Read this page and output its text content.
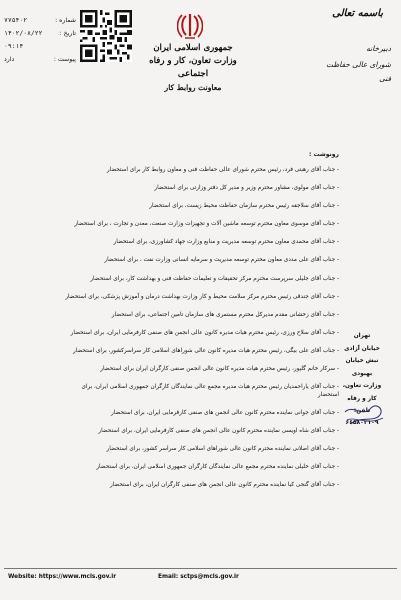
شماره :
۷۷۵۴۰۲
تاریخ :
۱۴۰۲/۰۸/۲۲
۰۹:۱۴
پیوست :
دارد
جمهوری اسلامی ایران
وزارت تعاون، کار و رفاه اجتماعی
معاونت روابط کار
باسمه تعالی
دبیرخانه
شورای عالی حفاظت فنی
رونوشت :
- جناب آقای رهبتی فرد، رئیس محترم شورای عالی حفاظت فنی و معاون روابط کار برای استحضار
- جناب آقای مولوی، مشاور محترم وزیر و مدیر کل دفتر وزارتی برای استحضار
- جناب آقای سلاجقه رئیس محترم سازمان حفاظت محیط زیست، برای استحضار
- جناب آقای موسوی معاون محترم توسعه ماشین آلات و تجهیزات وزارت صنعت، معدن و تجارت ، برای استحضار
- جناب آقای محمدی معاون محترم توسعه مدیریت و منابع وزارت جهاد کشاورزی، برای استحضار
- جناب آقای علی مددی معاون محترم توسعه مدیریت و سرمایه انسانی وزارت نفت ، برای استحضار
- جناب آقای جلیلی سرپرست محترم مرکز تحقیقات و تعلیمات حفاظت فنی و بهداشت کار، برای استحضار
- جناب آقای جندقی رئیس محترم مرکز سلامت محیط و کار وزارت بهداشت درمان و آموزش پزشکی، برای استحضار
- جناب آقای زخشانی مقدم مدیرکل محترم مستمری های سازمان تامین اجتماعی، برای استحضار
- جناب آقای سلاح ورزی، رئیس محترم هیات مدیره کانون عالی انجمن های صنفی کارفرمایی ایران، برای استحضار
- جناب آقای علی بیگی، رئیس محترم هیات مدیره کانون عالی شوراهای اسلامی کار سراسرکشور، برای استحضار
- سرکار خانم گلپور، رئیس محترم هیات مدیره کانون عالی انجمن صنفی کارگران ایران برای استحضار
- جناب آقای یاراحمدیان رئیس محترم هیات مدیره مجمع عالی نمایندگان کارگران جمهوری اسلامی ایران، برای استحضار
- جناب آقای جوانی نماینده محترم کانون عالی انجمن های صنفی کارفرمایی ایران، برای استحضار
- جناب آقای شاه اویسی نماینده محترم کانون عالی انجمن های صنفی کارفرمایی ایران، برای استحضار
- جناب آقای اصلانی نماینده محترم کانون عالی شوراهای اسلامی کار سراسر کشور، برای استحضار
- جناب آقای خلیلی نماینده محترم مجمع عالی نمایندگان کارگران جمهوری اسلامی ایران، برای استحضار
- جناب آقای گنجی کیا نماینده محترم کانون عالی انجمن های صنفی کارگران ایران، برای استحضار
تهران
خیابان آزادی
نبش خیابان
بهبودی
وزارت تعاون،
کار و رفاه
تلفن:
۶۶۵۸۰۲۱۰۹
Website: https://www.mcls.gov.ir	Email: sctps@mcls.gov.ir
